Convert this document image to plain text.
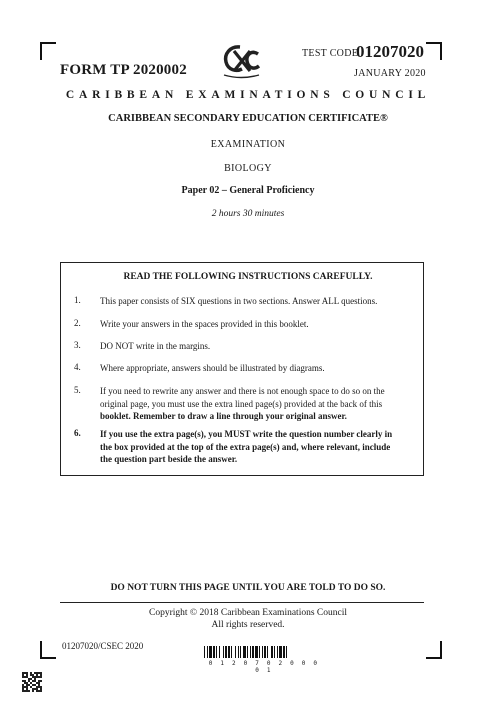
FORM TP 2020002
TEST CODE
01207020
JANUARY 2020
CARIBBEAN EXAMINATIONS COUNCIL
CARIBBEAN SECONDARY EDUCATION CERTIFICATE®
EXAMINATION
BIOLOGY
Paper 02 – General Proficiency
2 hours 30 minutes
READ THE FOLLOWING INSTRUCTIONS CAREFULLY.
1. This paper consists of SIX questions in two sections. Answer ALL questions.
2. Write your answers in the spaces provided in this booklet.
3. DO NOT write in the margins.
4. Where appropriate, answers should be illustrated by diagrams.
5. If you need to rewrite any answer and there is not enough space to do so on the
original page, you must use the extra lined page(s) provided at the back of this
booklet. Remember to draw a line through your original answer.
6. If you use the extra page(s), you MUST write the question number clearly in
the box provided at the top of the extra page(s) and, where relevant, include
the question part beside the answer.
DO NOT TURN THIS PAGE UNTIL YOU ARE TOLD TO DO SO.
Copyright © 2018 Caribbean Examinations Council
All rights reserved.
01207020/CSEC 2020
0 1 2 0 7 0 2 0 0 0 0 1
